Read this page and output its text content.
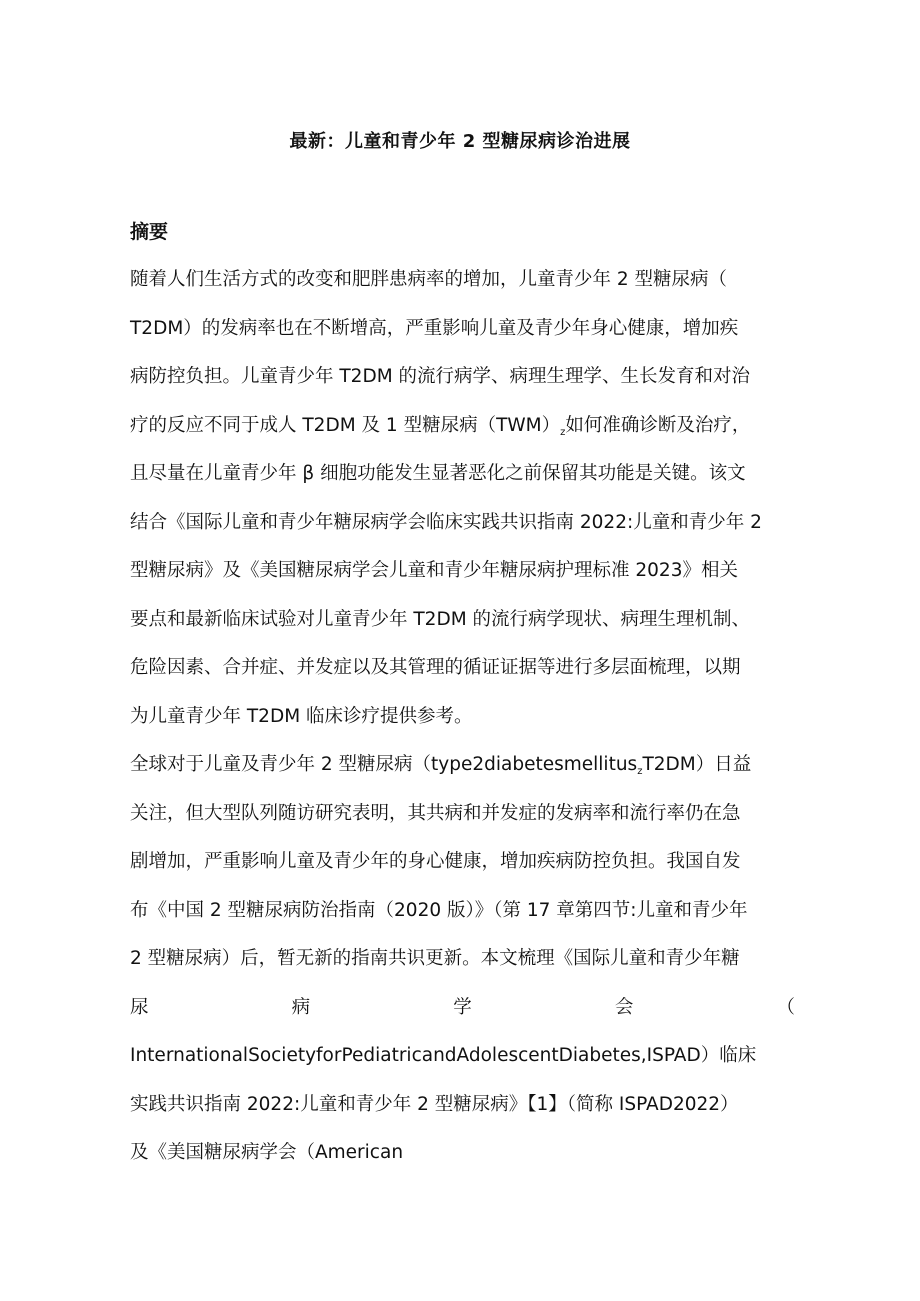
最新：儿童和青少年 2 型糖尿病诊治进展
摘要
随着人们生活方式的改变和肥胖患病率的增加，儿童青少年 2 型糖尿病（
T2DM）的发病率也在不断增高，严重影响儿童及青少年身心健康，增加疾
病防控负担。儿童青少年 T2DM 的流行病学、病理生理学、生长发育和对治
疗的反应不同于成人 T2DM 及 1 型糖尿病$(TWM)_z$如何准确诊断及治疗，
且尽量在儿童青少年 β 细胞功能发生显著恶化之前保留其功能是关键。该文
结合《国际儿童和青少年糖尿病学会临床实践共识指南 2022:儿童和青少年 2
型糖尿病》及《美国糖尿病学会儿童和青少年糖尿病护理标准 2023》相关
要点和最新临床试验对儿童青少年 T2DM 的流行病学现状、病理生理机制、
危险因素、合并症、并发症以及其管理的循证证据等进行多层面梳理，以期
为儿童青少年 T2DM 临床诊疗提供参考。
全球对于儿童及青少年 2 型糖尿病（type2diabetesmellitus$_z$T2DM）日益
关注，但大型队列随访研究表明，其共病和并发症的发病率和流行率仍在急
剧增加，严重影响儿童及青少年的身心健康，增加疾病防控负担。我国自发
布《中国 2 型糖尿病防治指南（2020 版）》（第 17 章第四节:儿童和青少年
2 型糖尿病）后，暂无新的指南共识更新。本文梳理《国际儿童和青少年糖
尿	病	学	会	（
InternationalSocietyforPediatricandAdolescentDiabetes,ISPAD）临床
实践共识指南 2022:儿童和青少年 2 型糖尿病》【1】（简称 ISPAD2022）
及《美国糖尿病学会（American
